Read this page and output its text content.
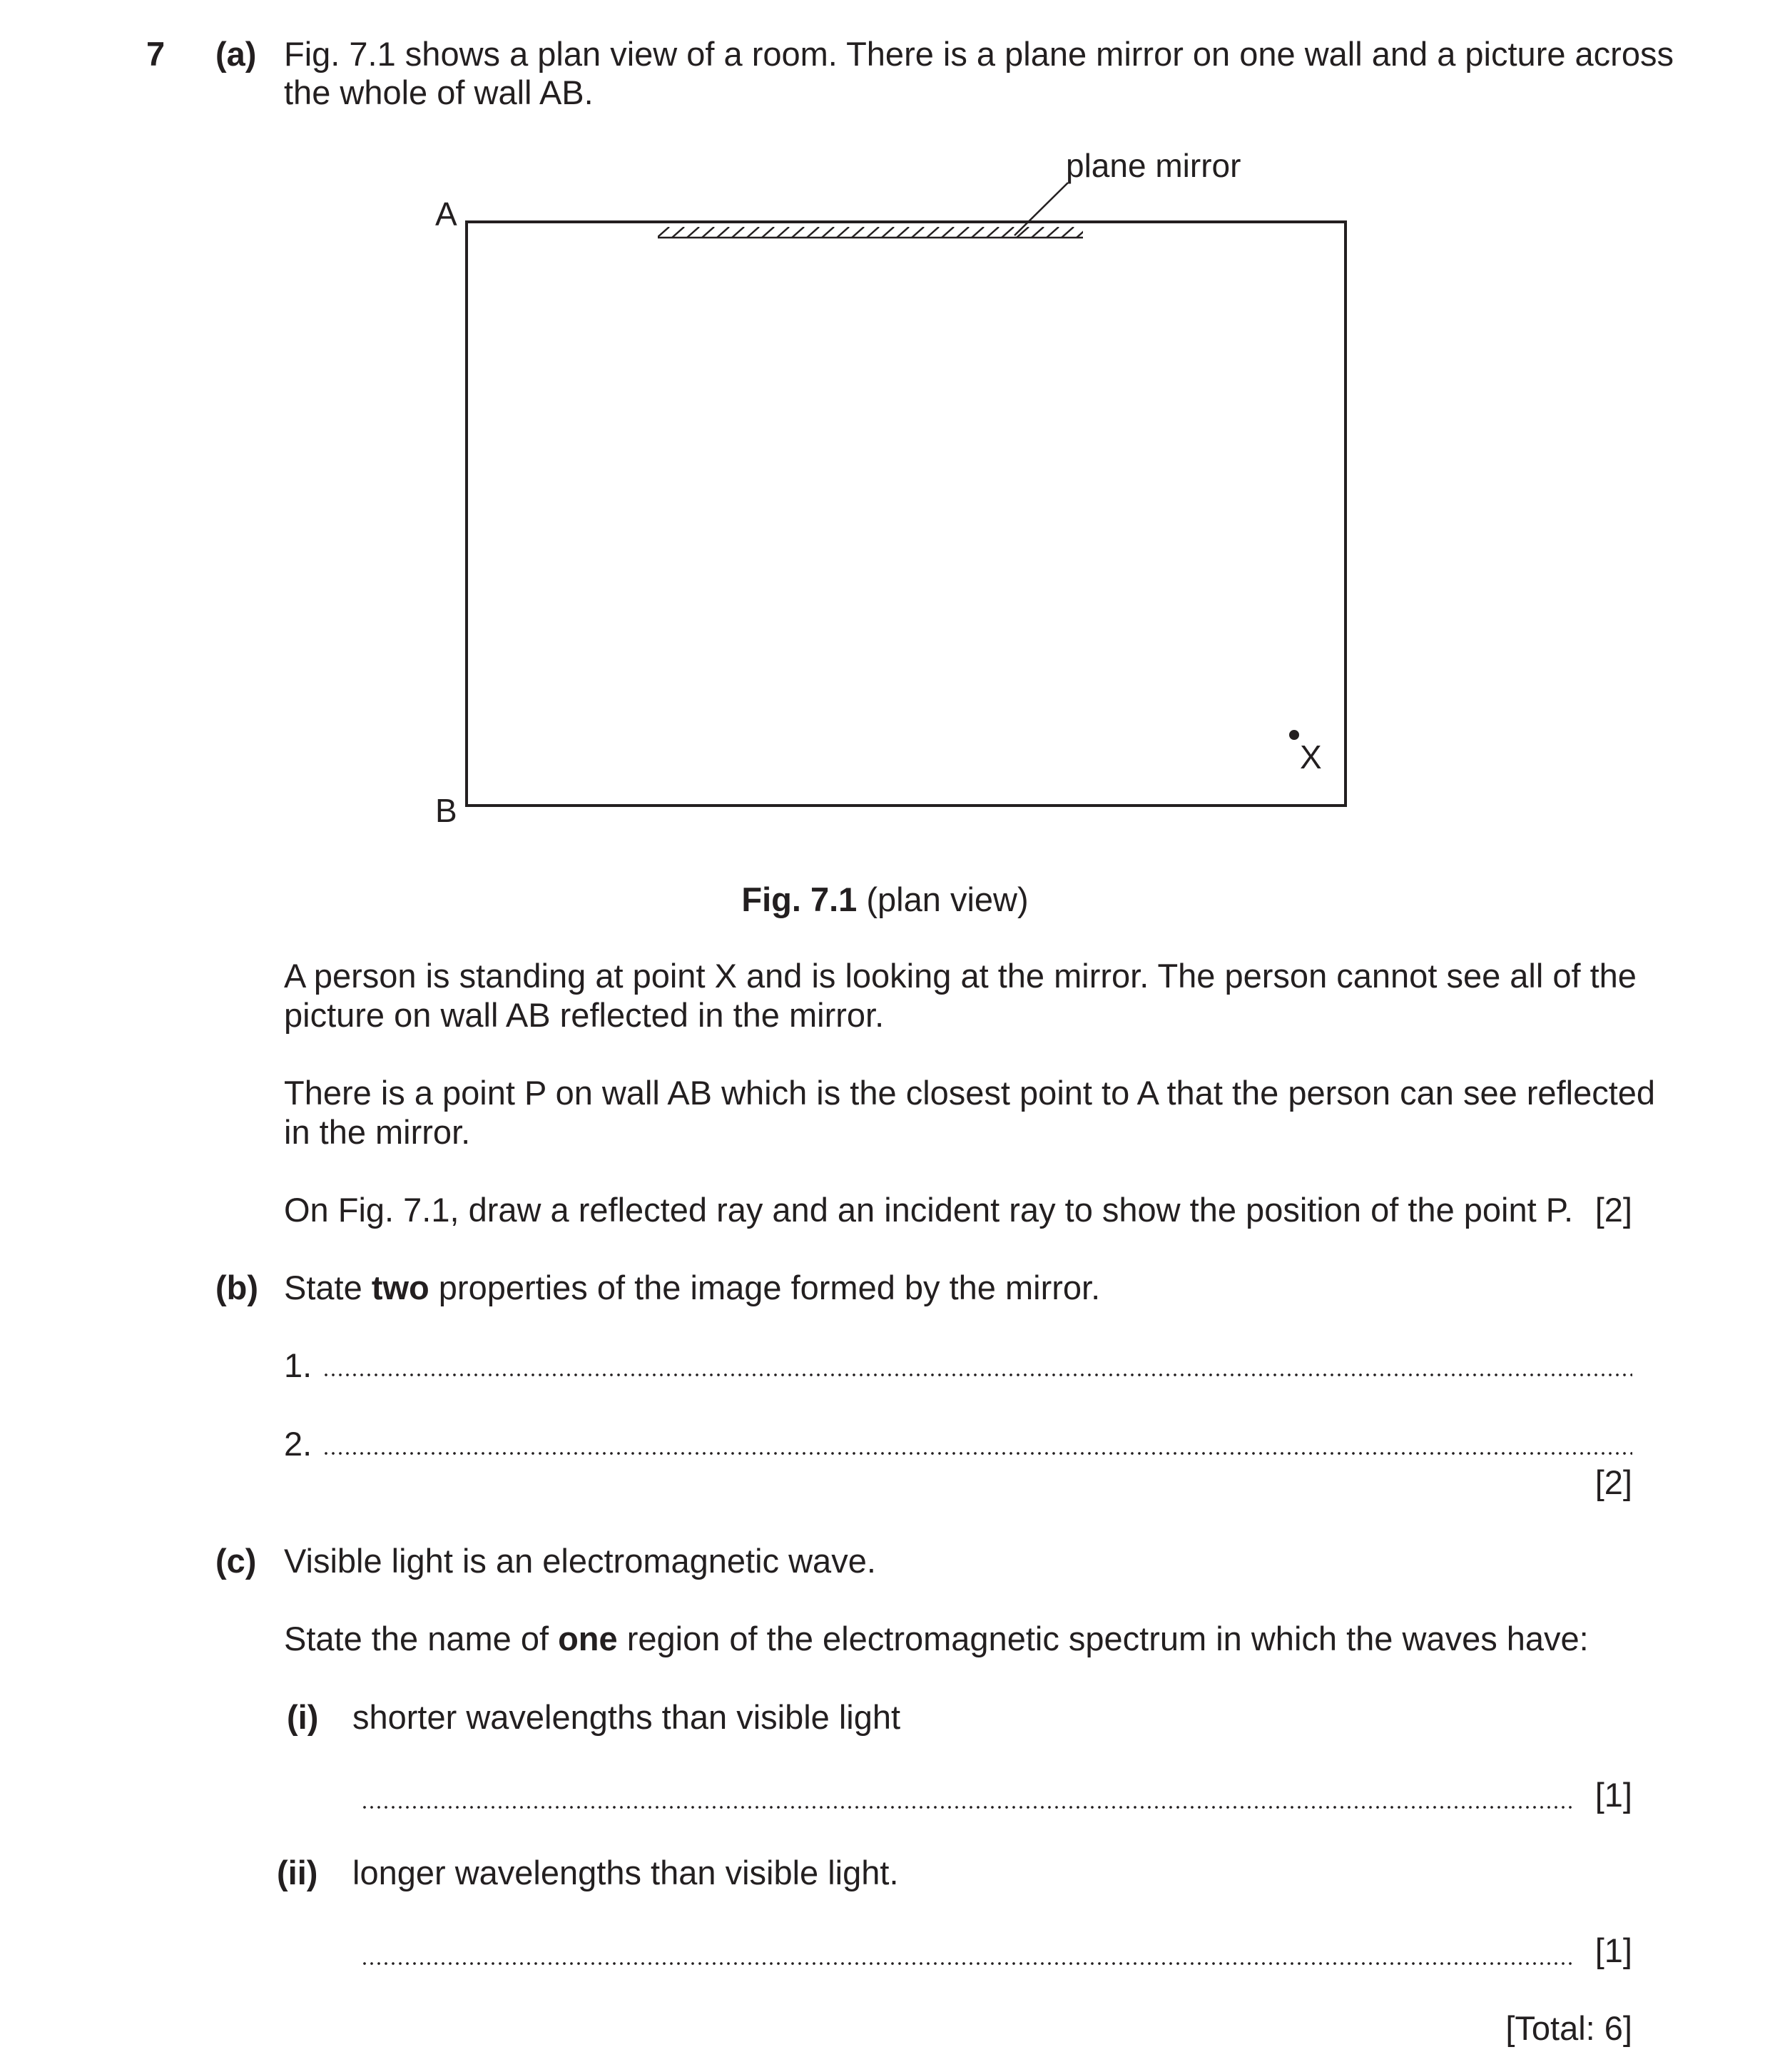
7 (a) Fig. 7.1 shows a plan view of a room. There is a plane mirror on one wall and a picture across
the whole of wall AB.
plane mirror
A
B
X
Fig. 7.1 (plan view)
A person is standing at point X and is looking at the mirror. The person cannot see all of the
picture on wall AB reflected in the mirror.
There is a point P on wall AB which is the closest point to A that the person can see reflected
in the mirror.
On Fig. 7.1, draw a reflected ray and an incident ray to show the position of the point P. [2]
(b) State two properties of the image formed by the mirror.
1.
2.
[2]
(c) Visible light is an electromagnetic wave.
State the name of one region of the electromagnetic spectrum in which the waves have:
(i) shorter wavelengths than visible light
[1]
(ii) longer wavelengths than visible light.
[1]
[Total: 6]
